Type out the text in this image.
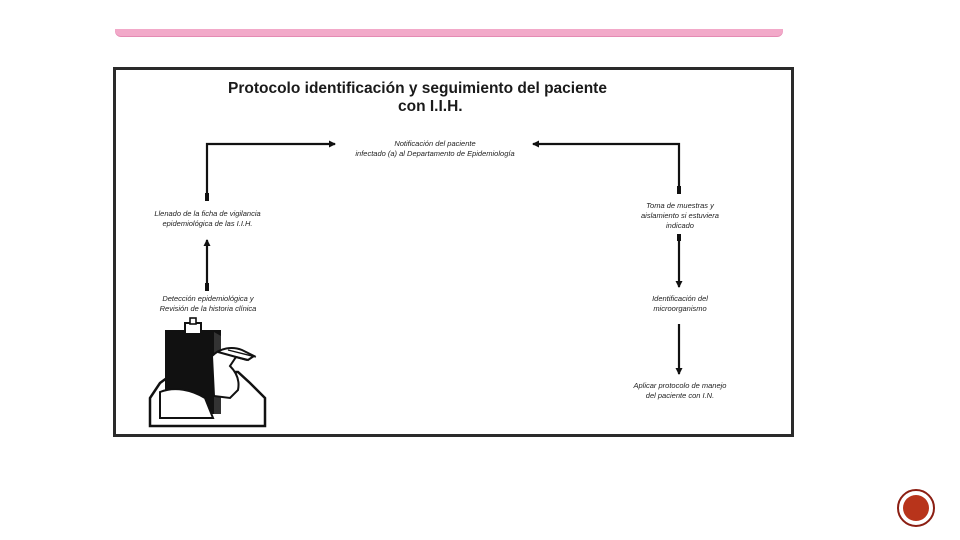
Protocolo identificación y seguimiento del paciente
con I.I.H.

Notificación del paciente
infectado (a) al Departamento de Epidemiología

Llenado de la ficha de vigilancia
epidemiológica de las I.I.H.

Detección epidemiológica y
Revisión de la historia clínica

Toma de muestras y
aislamiento si estuviera
indicado

Identificación del
microorganismo

Aplicar protocolo de manejo
del paciente con I.N.
